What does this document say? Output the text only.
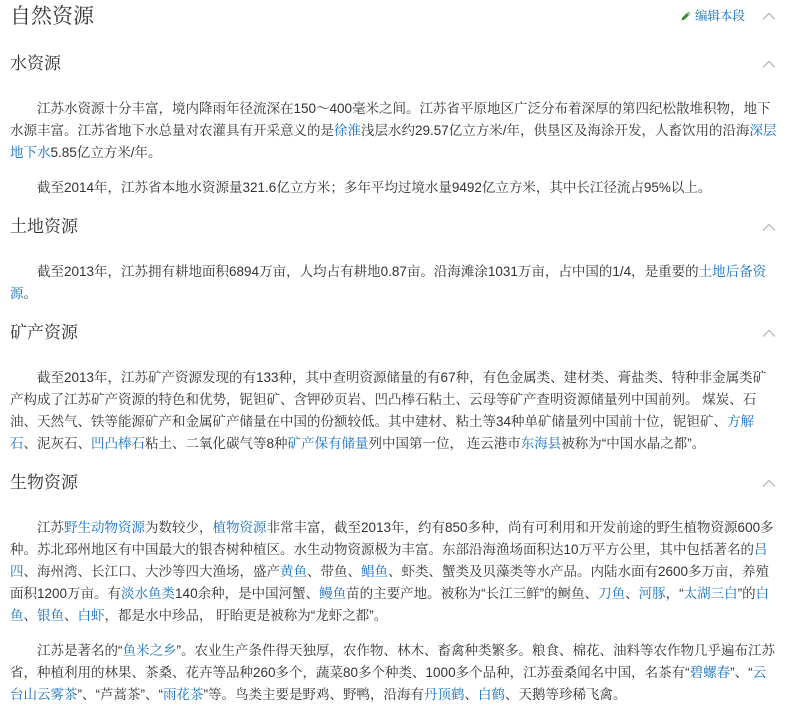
自然资源	编辑本段
水资源

江苏水资源十分丰富，境内降雨年径流深在150～400毫米之间。江苏省平原地区广泛分布着深厚的第四纪松散堆积物，地下水源丰富。江苏省地下水总量对农灌具有开采意义的是徐淮浅层水约29.57亿立方米/年，供垦区及海涂开发，人畜饮用的沿海深层地下水5.85亿立方米/年。

截至2014年，江苏省本地水资源量321.6亿立方米；多年平均过境水量9492亿立方米，其中长江径流占95%以上。

土地资源

截至2013年，江苏拥有耕地面积6894万亩，人均占有耕地0.87亩。沿海滩涂1031万亩，占中国的1/4，是重要的土地后备资源。

矿产资源

截至2013年，江苏矿产资源发现的有133种，其中查明资源储量的有67种，有色金属类、建材类、膏盐类、特种非金属类矿产构成了江苏矿产资源的特色和优势，铌钽矿、含钾砂页岩、凹凸棒石粘土、云母等矿产查明资源储量列中国前列。 煤炭、石油、天然气、铁等能源矿产和金属矿产储量在中国的份额较低。其中建材、粘土等34种单矿储量列中国前十位，铌钽矿、方解石、泥灰石、凹凸棒石粘土、二氧化碳气等8种矿产保有储量列中国第一位， 连云港市东海县被称为“中国水晶之都”。

生物资源

江苏野生动物资源为数较少，植物资源非常丰富，截至2013年，约有850多种，尚有可利用和开发前途的野生植物资源600多种。苏北邳州地区有中国最大的银杏树种植区。水生动物资源极为丰富。东部沿海渔场面积达10万平方公里，其中包括著名的吕四、海州湾、长江口、大沙等四大渔场，盛产黄鱼、带鱼、鲳鱼、虾类、蟹类及贝藻类等水产品。内陆水面有2600多万亩，养殖面积1200万亩。有淡水鱼类140余种，是中国河蟹、鳗鱼苗的主要产地。被称为“长江三鲜”的鲥鱼、刀鱼、河豚，“太湖三白”的白鱼、银鱼、白虾，都是水中珍品， 盱眙更是被称为“龙虾之都”。

江苏是著名的“鱼米之乡”。农业生产条件得天独厚，农作物、林木、畜禽种类繁多。粮食、棉花、油料等农作物几乎遍布江苏省，种植利用的林果、茶桑、花卉等品种260多个，蔬菜80多个种类、1000多个品种，江苏蚕桑闻名中国，名茶有“碧螺春”、“云台山云雾茶”、“芦蒿茶”、“雨花茶”等。鸟类主要是野鸡、野鸭，沿海有丹顶鹤、白鹤、天鹅等珍稀飞禽。
